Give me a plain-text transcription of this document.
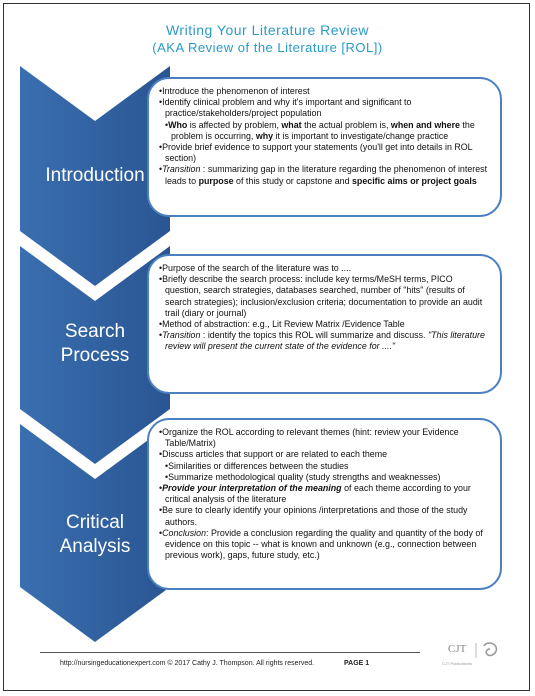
Writing Your Literature Review
(AKA Review of the Literature [ROL])
Introduction
Search
Process
Critical
Analysis
• Introduce the phenomenon of interest
• Identify clinical problem and why it's important and significant to practice/stakeholders/project population
• Who is affected by problem, what the actual problem is, when and where the problem is occurring, why it is important to investigate/change practice
• Provide brief evidence to support your statements (you'll get into details in ROL section)
• Transition : summarizing gap in the literature regarding the phenomenon of interest leads to purpose of this study or capstone and specific aims or project goals
• Purpose of the search of the literature was to ....
• Briefly describe the search process: include key terms/MeSH terms, PICO question, search strategies, databases searched, number of "hits" (results of search strategies); inclusion/exclusion criteria; documentation to provide an audit trail (diary or journal)
• Method of abstraction: e.g., Lit Review Matrix /Evidence Table
• Transition : identify the topics this ROL will summarize and discuss. "This literature review will present the current state of the evidence for ...."
• Organize the ROL according to relevant themes (hint: review your Evidence Table/Matrix)
• Discuss articles that support or are related to each theme
• Similarities or differences between the studies
• Summarize methodological quality (study strengths and weaknesses)
• Provide your interpretation of the meaning of each theme according to your critical analysis of the literature
• Be sure to clearly identify your opinions /interpretations and those of the study authors.
• Conclusion: Provide a conclusion regarding the quality and quantity of the body of evidence on this topic -- what is known and unknown (e.g., connection between previous work), gaps, future study, etc.)
http://nursingeducationexpert.com © 2017 Cathy J. Thompson. All rights reserved.	PAGE 1
CJT
CJT Publications
